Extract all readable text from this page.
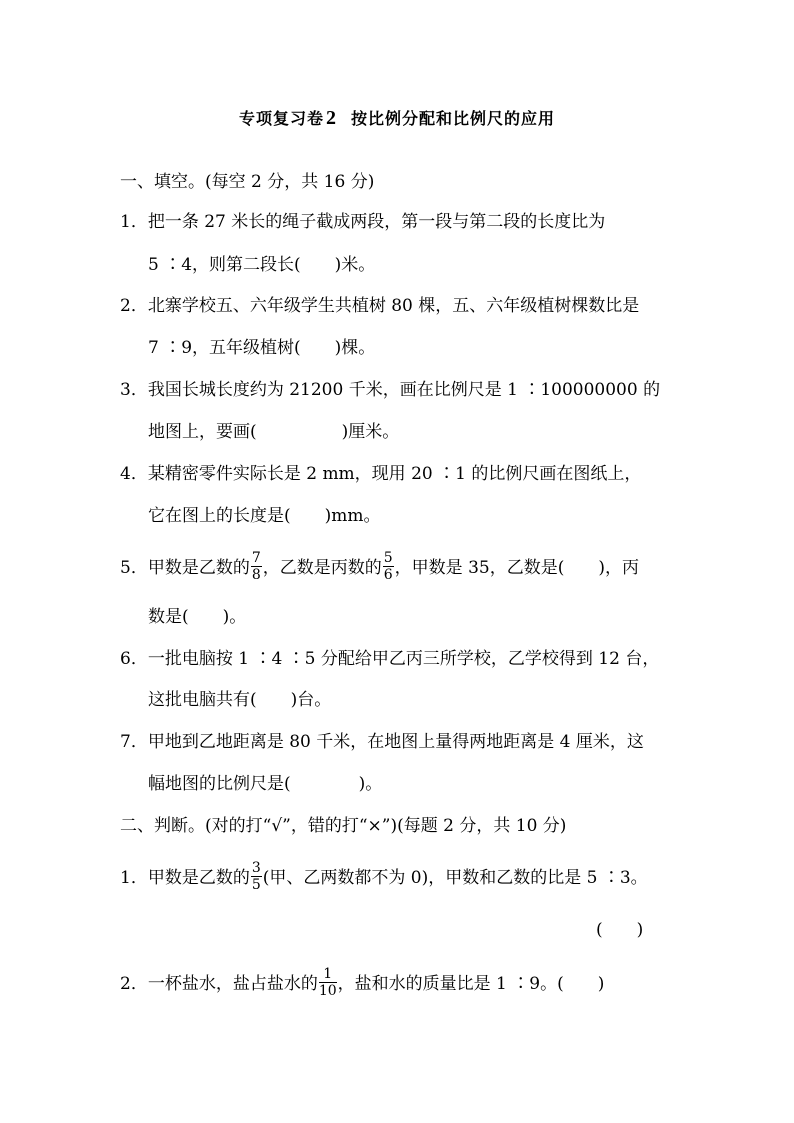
专项复习卷 2 按比例分配和比例尺的应用
一、填空。(每空 2 分，共 16 分)
1．把一条 27 米长的绳子截成两段，第一段与第二段的长度比为
5 ∶4，则第二段长(　　)米。
2．北寨学校五、六年级学生共植树 80 棵，五、六年级植树棵数比是
7 ∶9，五年级植树(　　)棵。
3．我国长城长度约为 21200 千米，画在比例尺是 1 ∶100000000 的
地图上，要画(　　　　　)厘米。
4．某精密零件实际长是 2 mm，现用 20 ∶1 的比例尺画在图纸上，
它在图上的长度是(　　)mm。
5．甲数是乙数的 $\frac{7}{8}$ ，乙数是丙数的 $\frac{5}{6}$ ，甲数是 35，乙数是(　　)，丙
数是(　　)。
6．一批电脑按 1 ∶4 ∶5 分配给甲乙丙三所学校，乙学校得到 12 台，
这批电脑共有(　　)台。
7．甲地到乙地距离是 80 千米，在地图上量得两地距离是 4 厘米，这
幅地图的比例尺是(　　　　)。
二、判断。(对的打“√”，错的打“×”)(每题 2 分，共 10 分)
1．甲数是乙数的 $\frac{3}{5}$ (甲、乙两数都不为 0)，甲数和乙数的比是 5 ∶3。
(　　)
2．一杯盐水，盐占盐水的 $\frac{1}{10}$ ，盐和水的质量比是 1 ∶9。(　　)
